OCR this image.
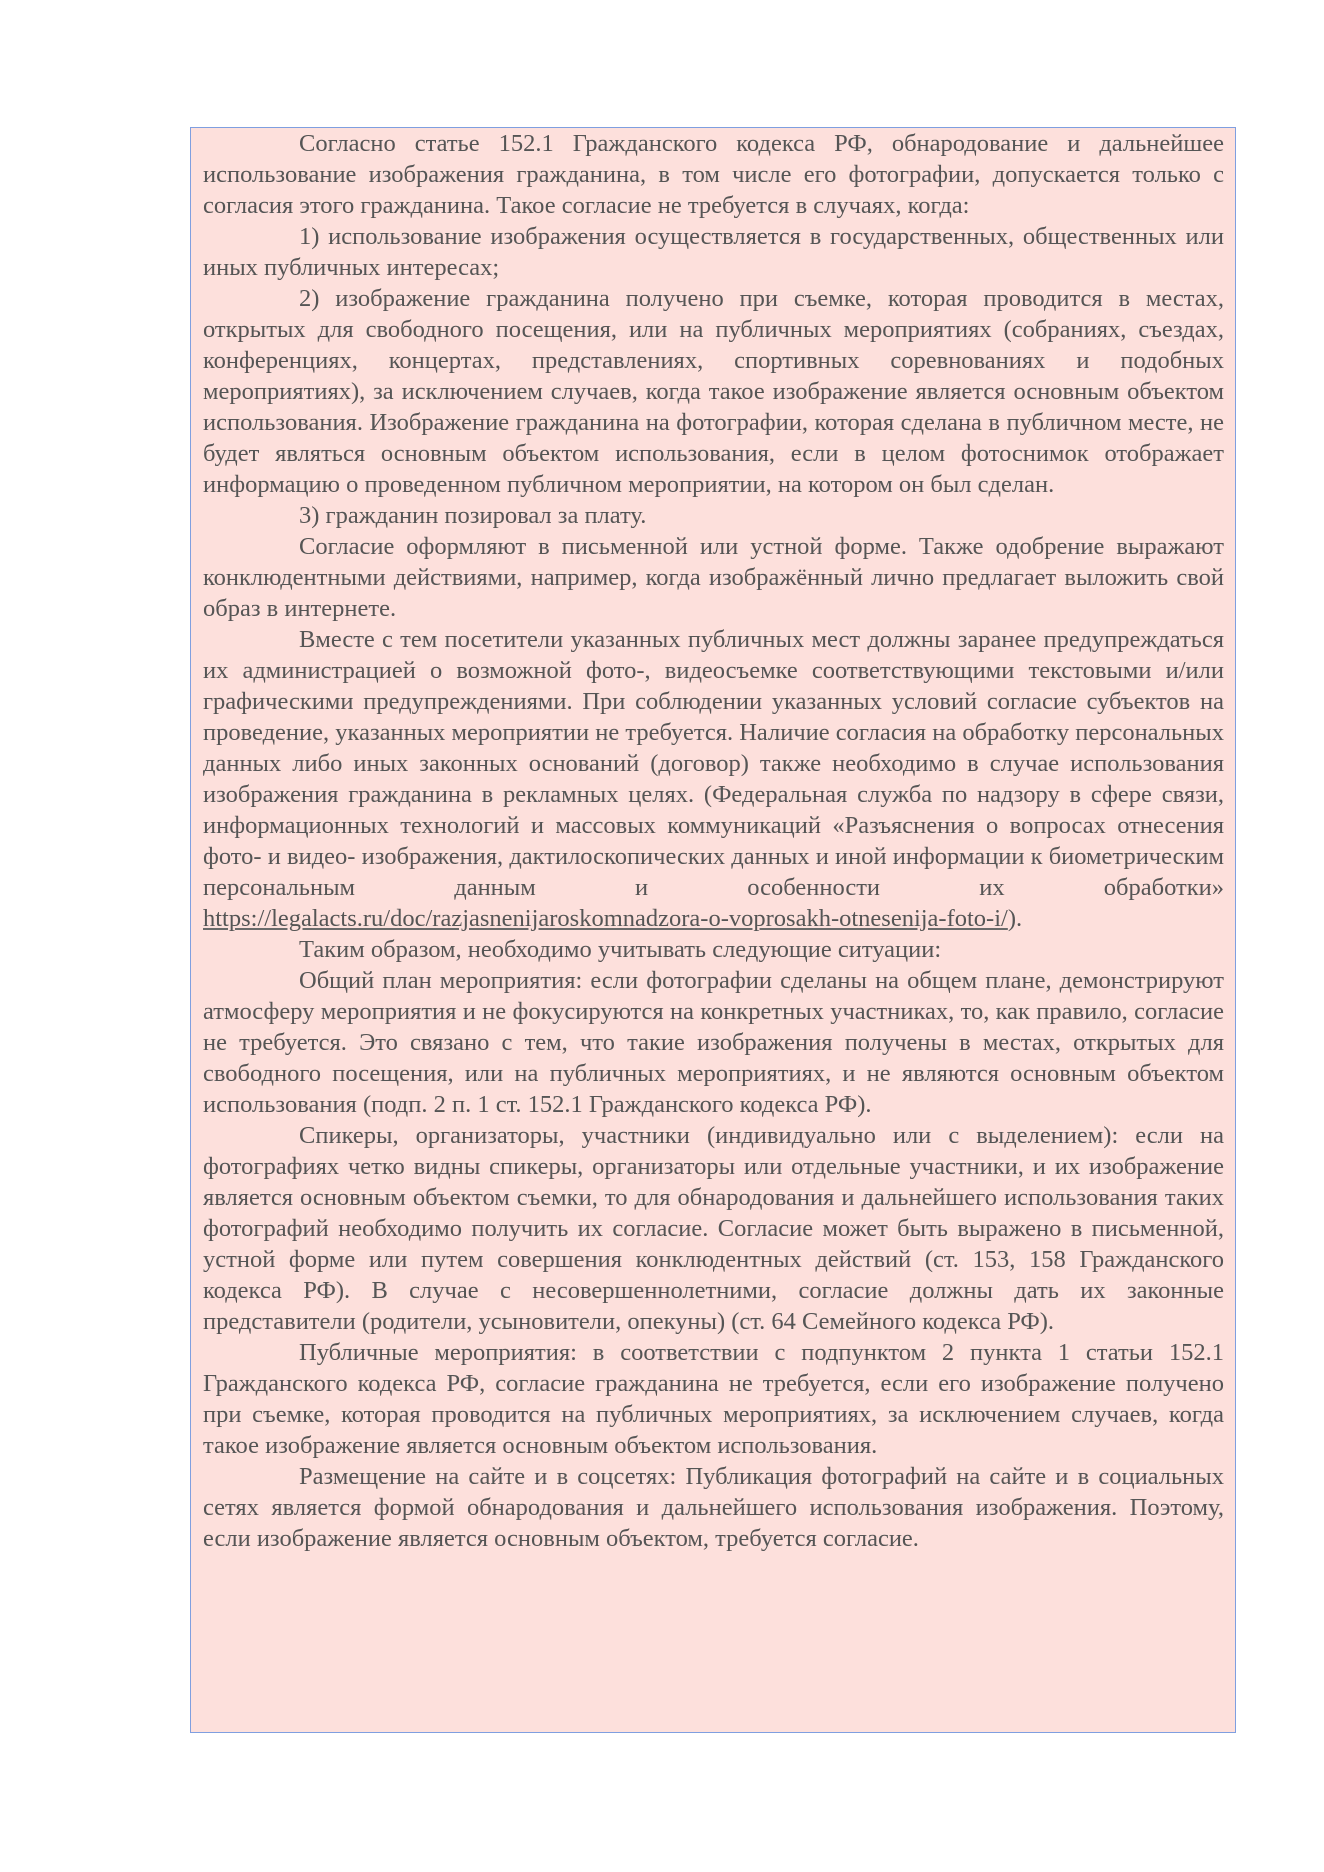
Согласно статье 152.1 Гражданского кодекса РФ, обнародование и дальнейшее использование изображения гражданина, в том числе его фотографии, допускается только с согласия этого гражданина. Такое согласие не требуется в случаях, когда:

1) использование изображения осуществляется в государственных, общественных или иных публичных интересах;

2) изображение гражданина получено при съемке, которая проводится в местах, открытых для свободного посещения, или на публичных мероприятиях (собраниях, съездах, конференциях, концертах, представлениях, спортивных соревнованиях и подобных мероприятиях), за исключением случаев, когда такое изображение является основным объектом использования. Изображение гражданина на фотографии, которая сделана в публичном месте, не будет являться основным объектом использования, если в целом фотоснимок отображает информацию о проведенном публичном мероприятии, на котором он был сделан.

3) гражданин позировал за плату.

Согласие оформляют в письменной или устной форме. Также одобрение выражают конклюдентными действиями, например, когда изображённый лично предлагает выложить свой образ в интернете.

Вместе с тем посетители указанных публичных мест должны заранее предупреждаться их администрацией о возможной фото-, видеосъемке соответствующими текстовыми и/или графическими предупреждениями. При соблюдении указанных условий согласие субъектов на проведение, указанных мероприятии не требуется. Наличие согласия на обработку персональных данных либо иных законных оснований (договор) также необходимо в случае использования изображения гражданина в рекламных целях. (Федеральная служба по надзору в сфере связи, информационных технологий и массовых коммуникаций «Разъяснения о вопросах отнесения фото- и видео- изображения, дактилоскопических данных и иной информации к биометрическим персональным данным и особенности их обработки» https://legalacts.ru/doc/razjasnenijaroskomnadzora-o-voprosakh-otnesenija-foto-i/).

Таким образом, необходимо учитывать следующие ситуации:

Общий план мероприятия: если фотографии сделаны на общем плане, демонстрируют атмосферу мероприятия и не фокусируются на конкретных участниках, то, как правило, согласие не требуется. Это связано с тем, что такие изображения получены в местах, открытых для свободного посещения, или на публичных мероприятиях, и не являются основным объектом использования (подп. 2 п. 1 ст. 152.1 Гражданского кодекса РФ).

Спикеры, организаторы, участники (индивидуально или с выделением): если на фотографиях четко видны спикеры, организаторы или отдельные участники, и их изображение является основным объектом съемки, то для обнародования и дальнейшего использования таких фотографий необходимо получить их согласие. Согласие может быть выражено в письменной, устной форме или путем совершения конклюдентных действий (ст. 153, 158 Гражданского кодекса РФ). В случае с несовершеннолетними, согласие должны дать их законные представители (родители, усыновители, опекуны) (ст. 64 Семейного кодекса РФ).

Публичные мероприятия: в соответствии с подпунктом 2 пункта 1 статьи 152.1 Гражданского кодекса РФ, согласие гражданина не требуется, если его изображение получено при съемке, которая проводится на публичных мероприятиях, за исключением случаев, когда такое изображение является основным объектом использования.

Размещение на сайте и в соцсетях: Публикация фотографий на сайте и в социальных сетях является формой обнародования и дальнейшего использования изображения. Поэтому, если изображение является основным объектом, требуется согласие.
